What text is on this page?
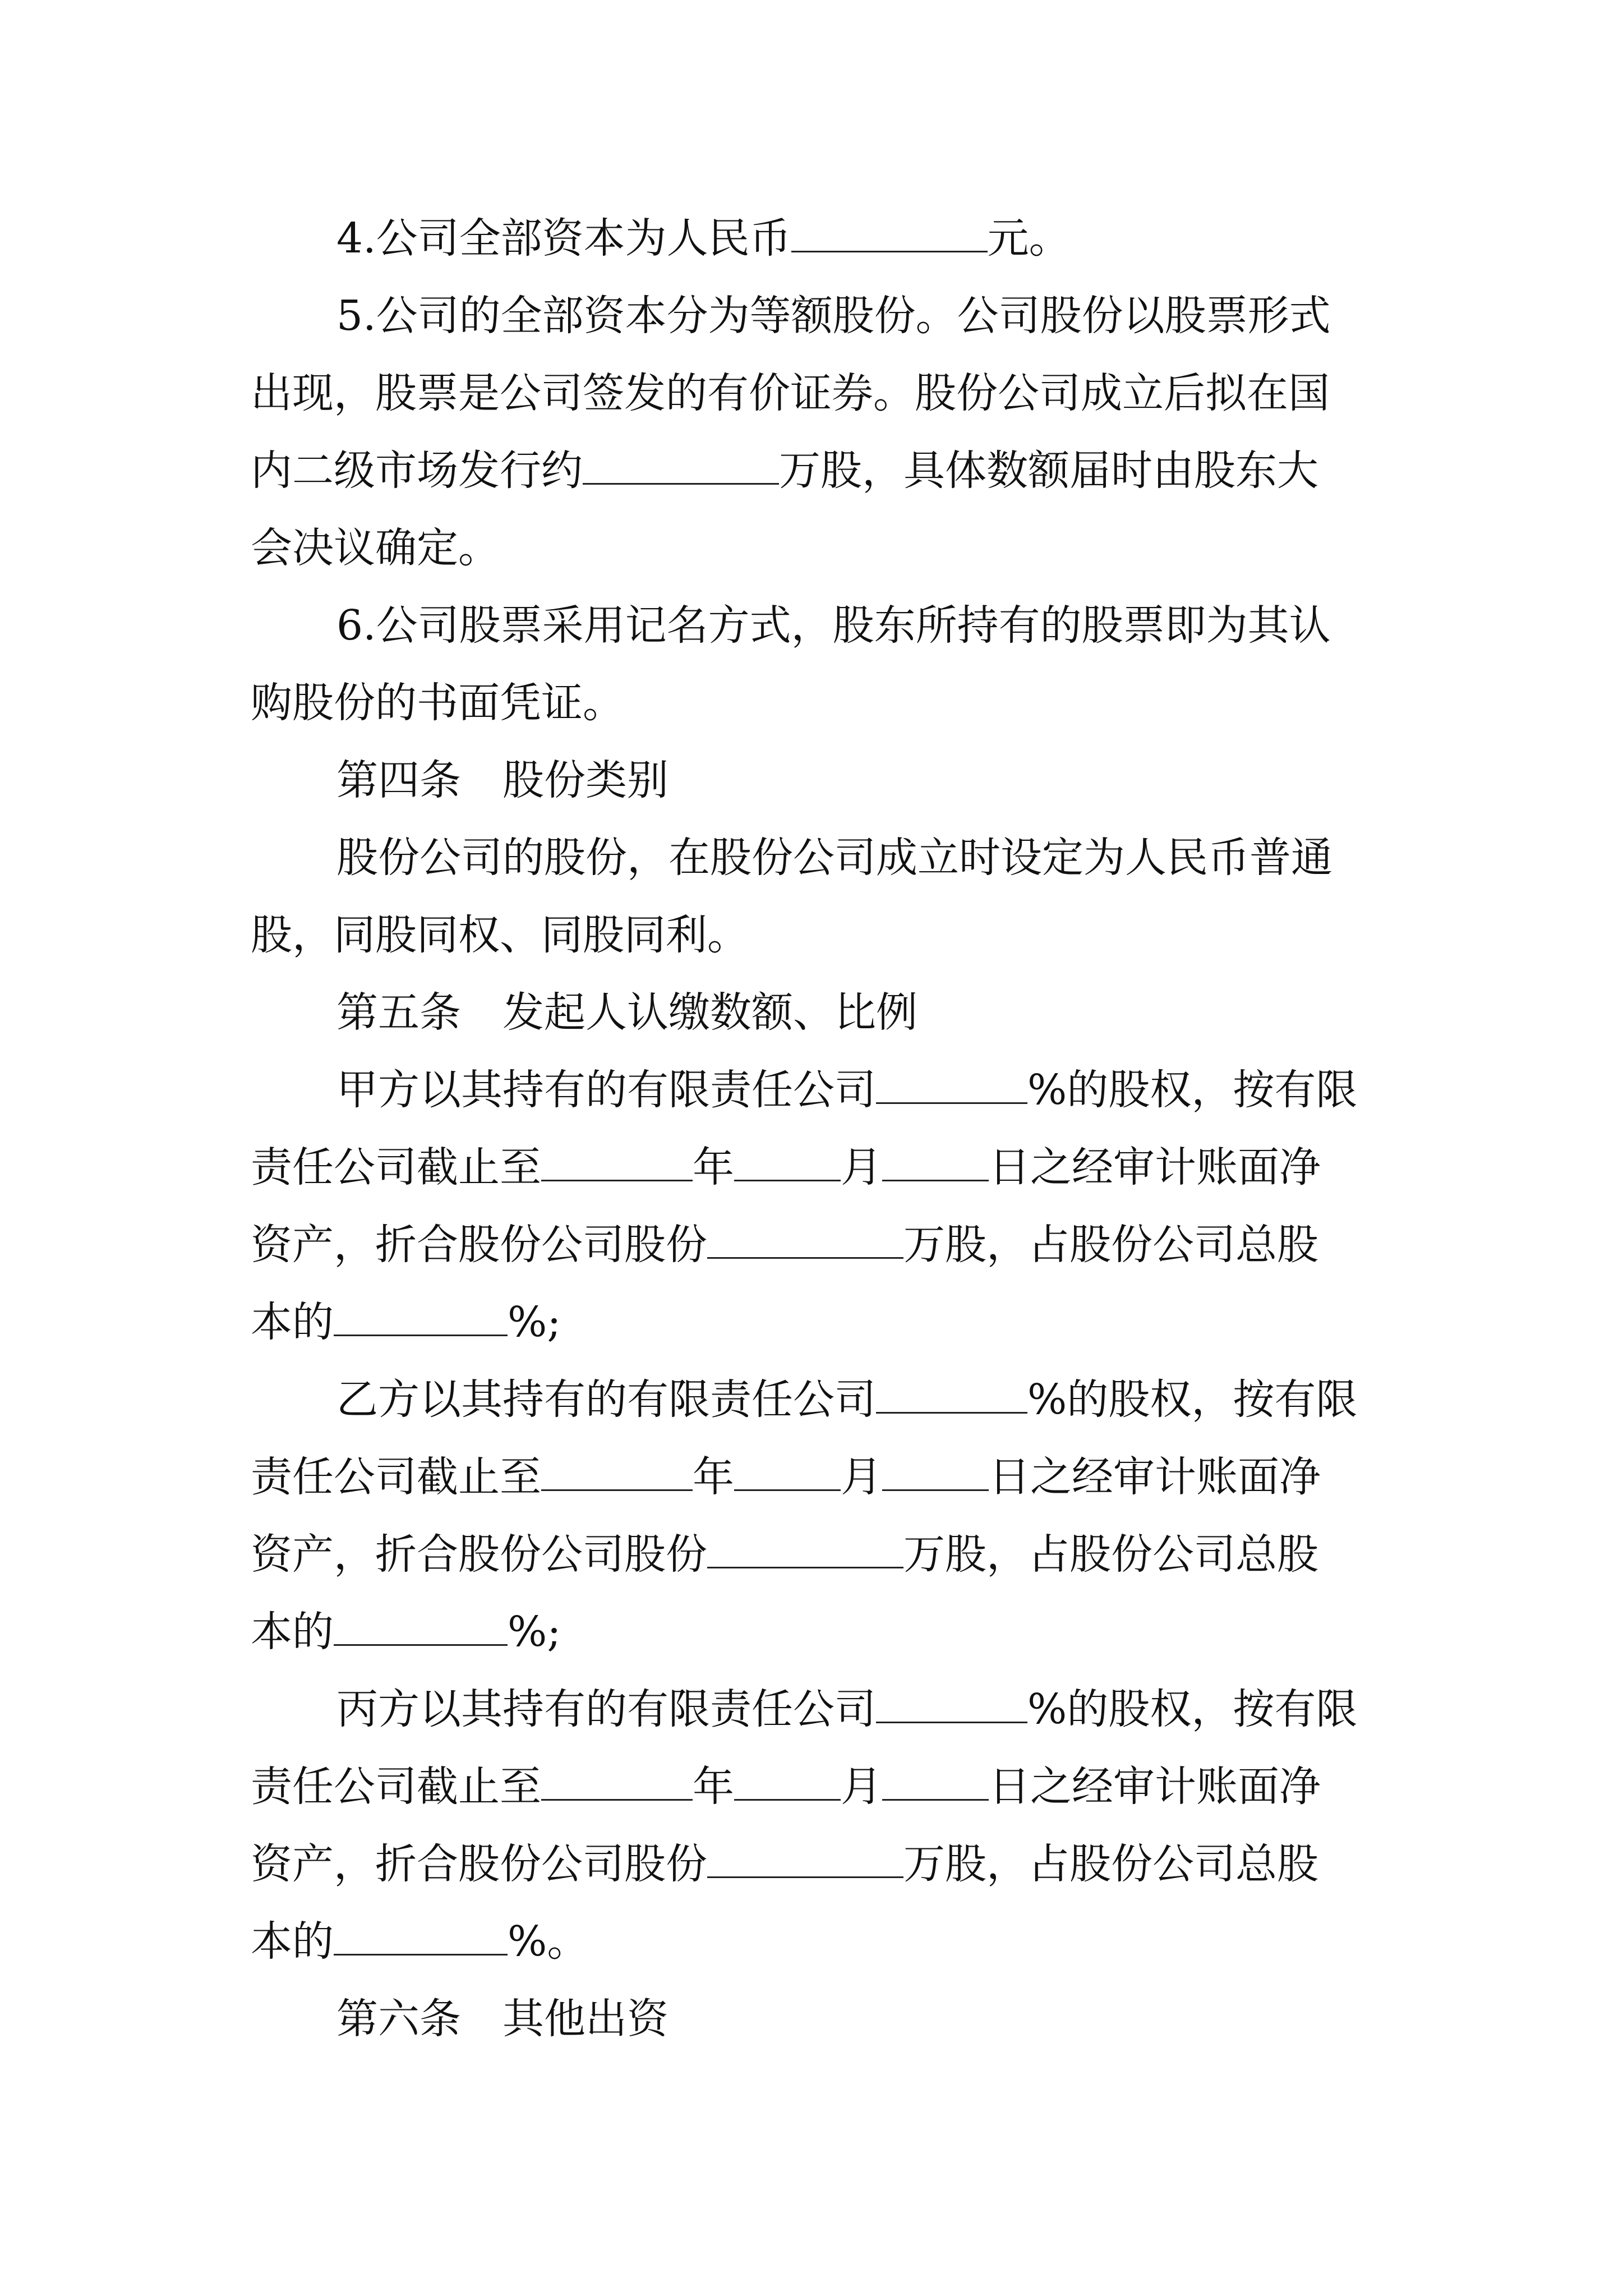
4.公司全部资本为人民币	元。
5.公司的全部资本分为等额股份。公司股份以股票形式
出现，股票是公司签发的有价证券。股份公司成立后拟在国
内二级市场发行约	万股，具体数额届时由股东大
会决议确定。
6.公司股票采用记名方式，股东所持有的股票即为其认
购股份的书面凭证。
第四条　股份类别
股份公司的股份，在股份公司成立时设定为人民币普通
股，同股同权、同股同利。
第五条　发起人认缴数额、比例
甲方以其持有的有限责任公司	%的股权，按有限
责任公司截止至	年	月	日之经审计账面净
资产，折合股份公司股份	万股，占股份公司总股
本的	%;
乙方以其持有的有限责任公司	%的股权，按有限
责任公司截止至	年	月	日之经审计账面净
资产，折合股份公司股份	万股，占股份公司总股
本的	%;
丙方以其持有的有限责任公司	%的股权，按有限
责任公司截止至	年	月	日之经审计账面净
资产，折合股份公司股份	万股，占股份公司总股
本的	%。
第六条　其他出资
